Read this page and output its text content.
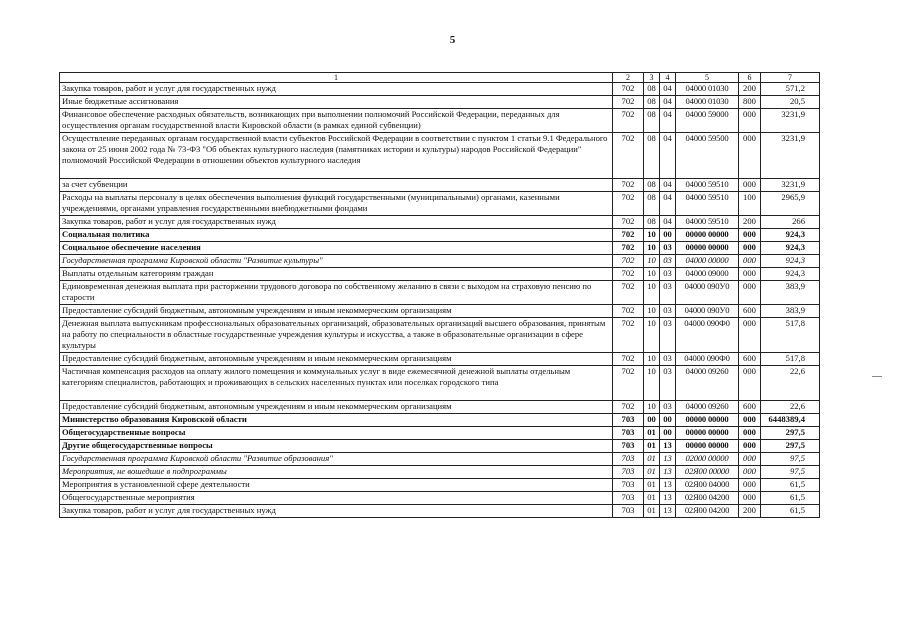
5
1	2	3	4	5	6	7
Закупка товаров, работ и услуг для государственных нужд	702	08	04	04000 01030	200	571,2
Иные бюджетные ассигнования	702	08	04	04000 01030	800	20,5
Финансовое обеспечение расходных обязательств, возникающих при выполнении полномочий Российской Федерации, переданных для осуществления органам государственной власти Кировской области (в рамках единой субвенции)	702	08	04	04000 59000	000	3231,9
Осуществление переданных органам государственной власти субъектов Российской Федерации в соответствии с пунктом 1 статьи 9.1 Федерального закона от 25 июня 2002 года № 73-ФЗ "Об объектах культурного наследия (памятниках истории и культуры) народов Российской Федерации" полномочий Российской Федерации в отношении объектов культурного наследия	702	08	04	04000 59500	000	3231,9
за счет субвенции	702	08	04	04000 59510	000	3231,9
Расходы на выплаты персоналу в целях обеспечения выполнения функций государственными (муниципальными) органами, казенными учреждениями, органами управления государственными внебюджетными фондами	702	08	04	04000 59510	100	2965,9
Закупка товаров, работ и услуг для государственных нужд	702	08	04	04000 59510	200	266
Социальная политика	702	10	00	00000 00000	000	924,3
Социальное обеспечение населения	702	10	03	00000 00000	000	924,3
Государственная программа Кировской области "Развитие культуры"	702	10	03	04000 00000	000	924,3
Выплаты отдельным категориям граждан	702	10	03	04000 09000	000	924,3
Единовременная денежная выплата при расторжении трудового договора по собственному желанию в связи с выходом на страховую пенсию по старости	702	10	03	04000 090У0	000	383,9
Предоставление субсидий бюджетным, автономным учреждениям и иным некоммерческим организациям	702	10	03	04000 090У0	600	383,9
Денежная выплата выпускникам профессиональных образовательных организаций, образовательных организаций высшего образования, принятым на работу по специальности в областные государственные учреждения культуры и искусства, а также в образовательные организации в сфере культуры	702	10	03	04000 090Ф0	000	517,8
Предоставление субсидий бюджетным, автономным учреждениям и иным некоммерческим организациям	702	10	03	04000 090Ф0	600	517,8
Частичная компенсация расходов на оплату жилого помещения и коммунальных услуг в виде ежемесячной денежной выплаты отдельным категориям специалистов, работающих и проживающих в сельских населенных пунктах или поселках городского типа	702	10	03	04000 09260	000	22,6
Предоставление субсидий бюджетным, автономным учреждениям и иным некоммерческим организациям	702	10	03	04000 09260	600	22,6
Министерство образования Кировской области	703	00	00	00000 00000	000	6448389,4
Общегосударственные вопросы	703	01	00	00000 00000	000	297,5
Другие общегосударственные вопросы	703	01	13	00000 00000	000	297,5
Государственная программа Кировской области "Развитие образования"	703	01	13	02000 00000	000	97,5
Мероприятия, не вошедшие в подпрограммы	703	01	13	02Я00 00000	000	97,5
Мероприятия в установленной сфере деятельности	703	01	13	02Я00 04000	000	61,5
Общегосударственные мероприятия	703	01	13	02Я00 04200	000	61,5
Закупка товаров, работ и услуг для государственных нужд	703	01	13	02Я00 04200	200	61,5
